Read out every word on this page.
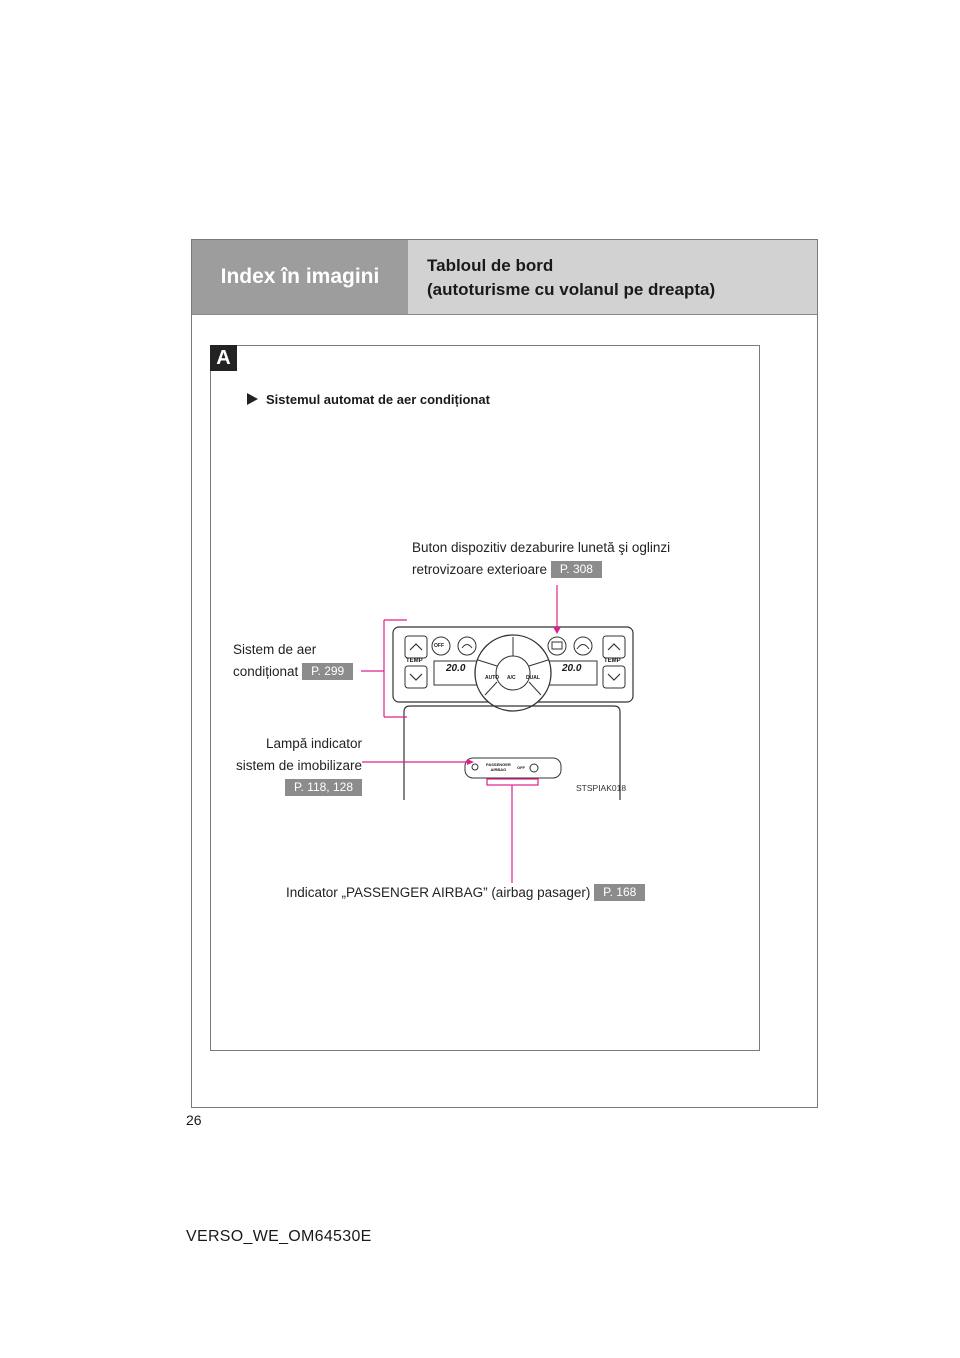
Index în imagini	Tabloul de bord
(autoturisme cu volanul pe dreapta)
A
Sistemul automat de aer condiționat
TEMP	TEMP
20.0	20.0
OFF
AUTO A/C DUAL
PASSENGER
AIRBAG	OFF
STSPIAK018
Buton dispozitiv dezaburire lunetă şi oglinzi
retrovizoare exterioare P. 308
Sistem de aer
condiționat P. 299
Lampă indicator
sistem de imobilizare
P. 118, 128
Indicator „PASSENGER AIRBAG” (airbag pasager) P. 168
26
VERSO_WE_OM64530E
